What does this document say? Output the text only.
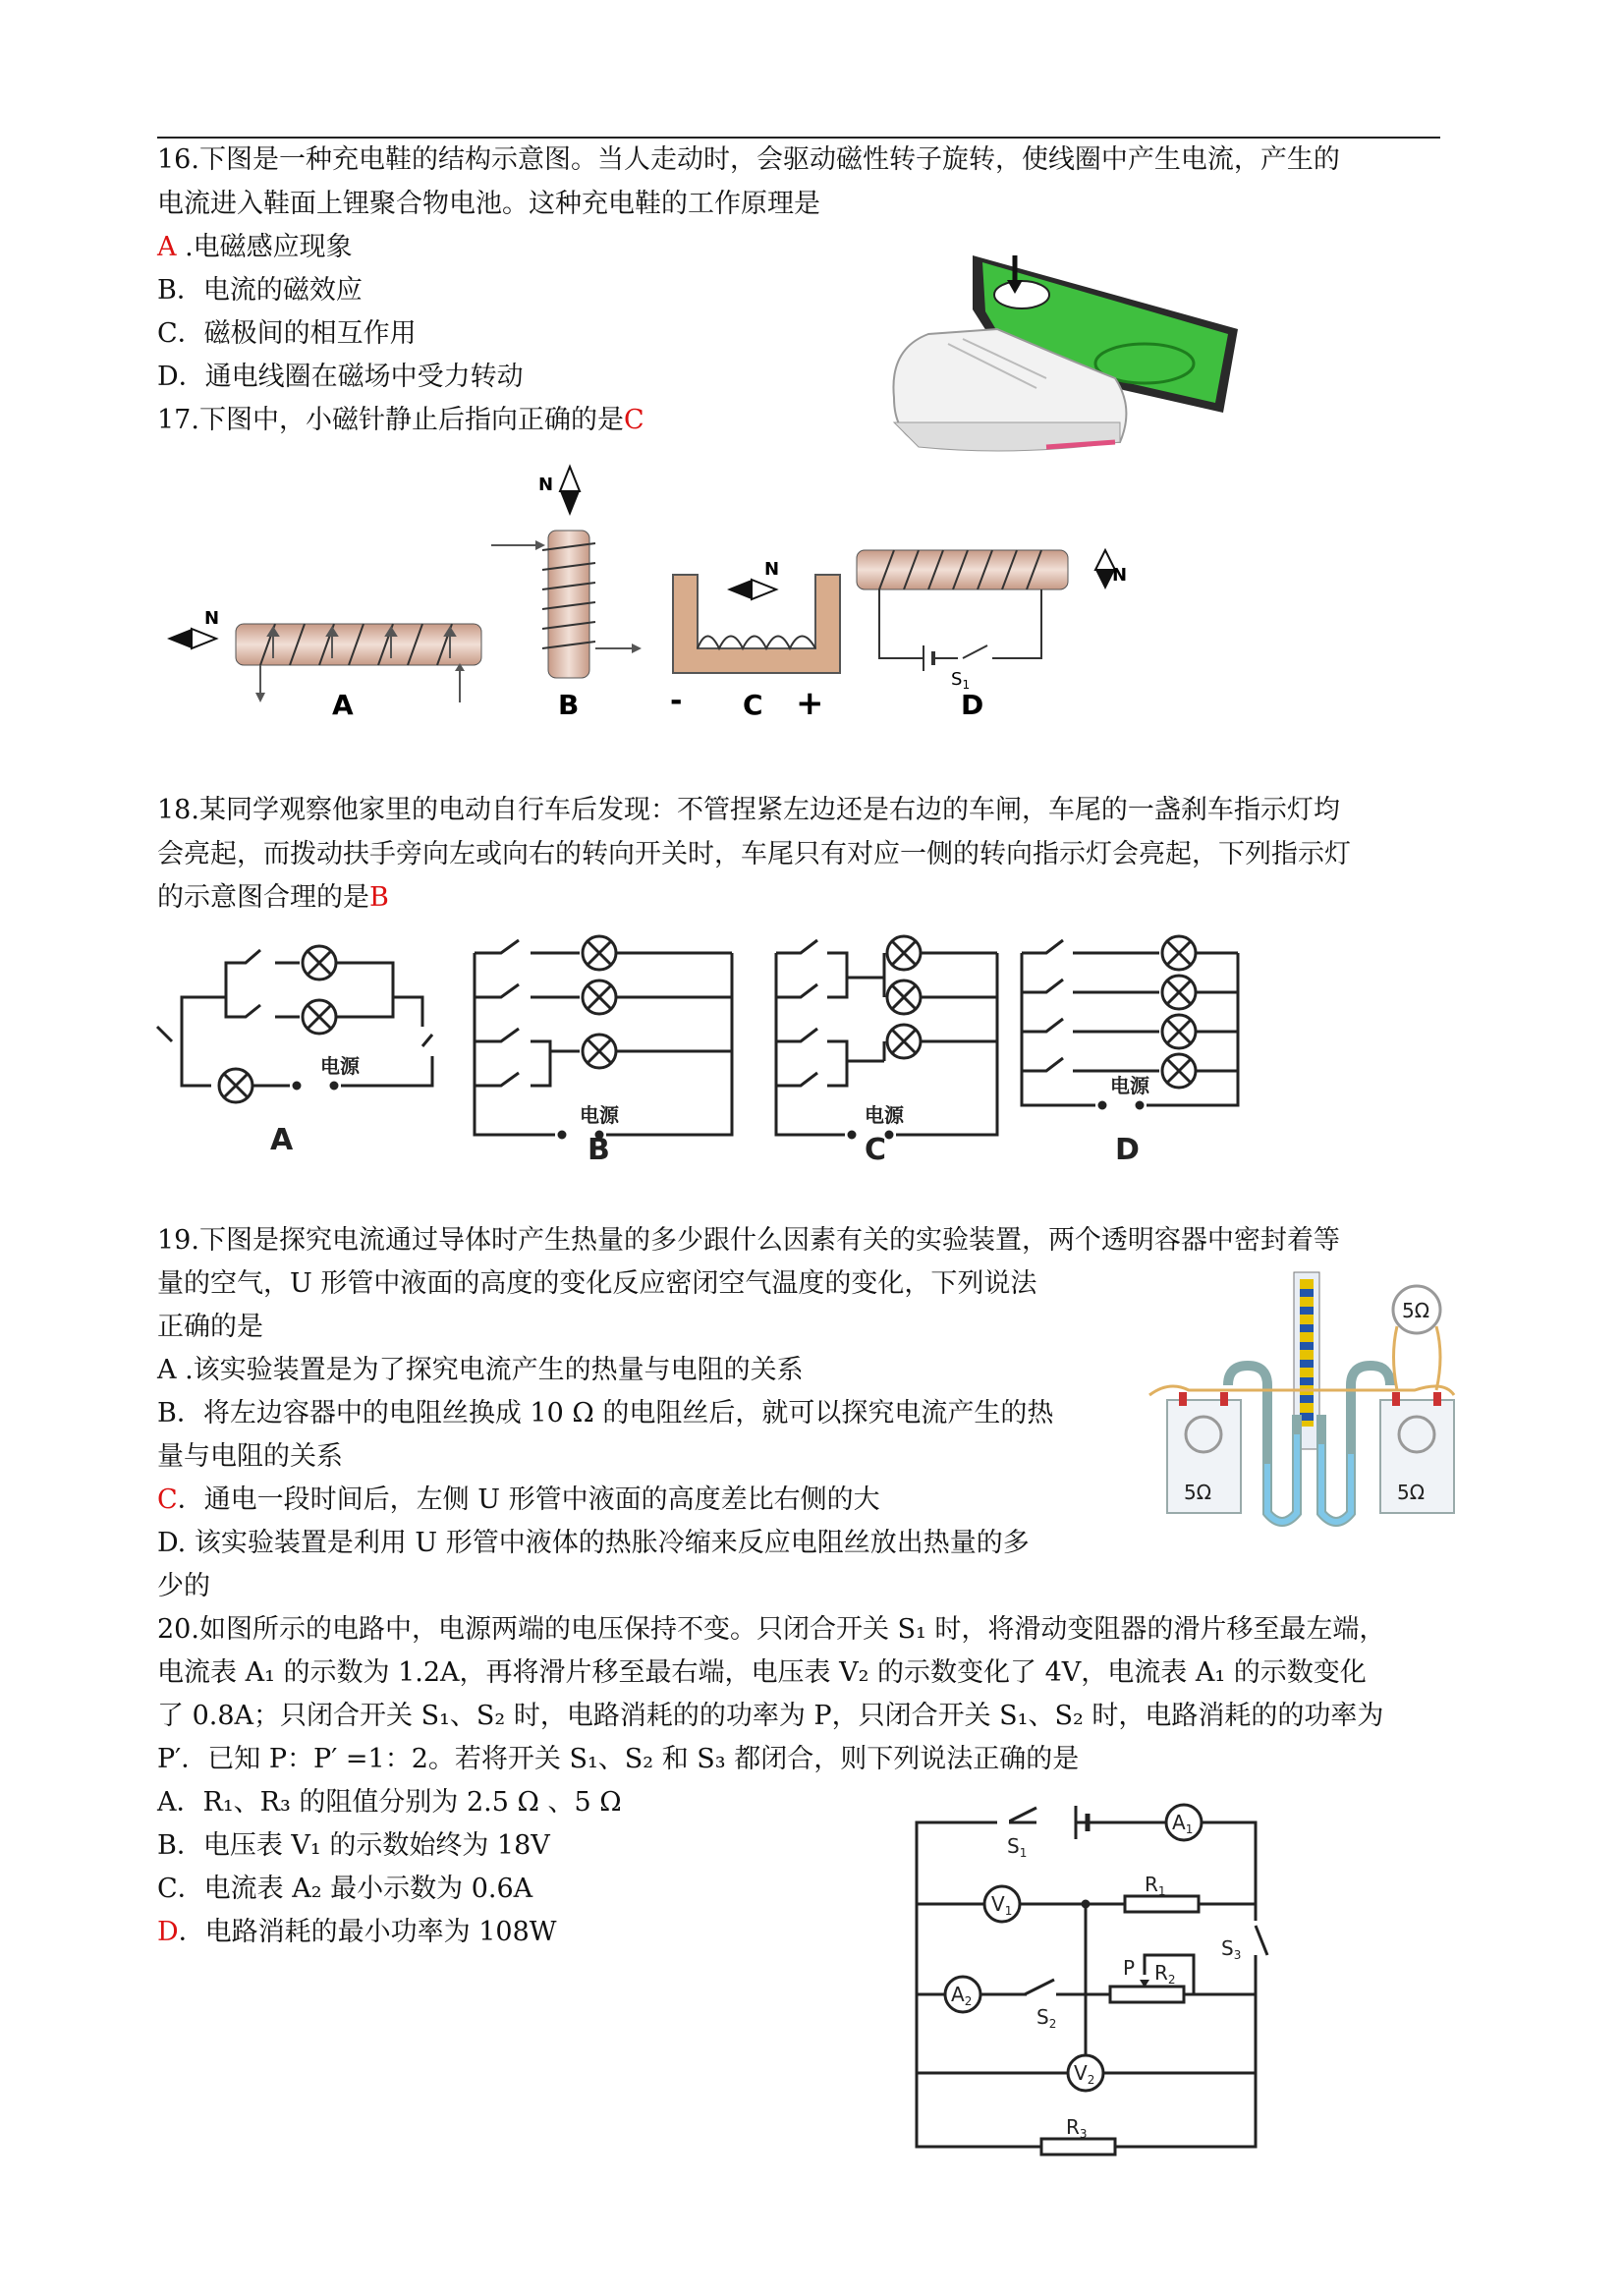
16.下图是一种充电鞋的结构示意图。当人走动时，会驱动磁性转子旋转，使线圈中产生电流，产生的
电流进入鞋面上锂聚合物电池。这种充电鞋的工作原理是
A .电磁感应现象
B．电流的磁效应
C．磁极间的相互作用
D．通电线圈在磁场中受力转动
17.下图中，小磁针静止后指向正确的是C
N
A
N
B
N
- C +
$S_1$
N
D
18.某同学观察他家里的电动自行车后发现：不管捏紧左边还是右边的车闸，车尾的一盏刹车指示灯均
会亮起，而拨动扶手旁向左或向右的转向开关时，车尾只有对应一侧的转向指示灯会亮起，下列指示灯
的示意图合理的是B
电源
A
电源
B
电源
C
电源
D
19.下图是探究电流通过导体时产生热量的多少跟什么因素有关的实验装置，两个透明容器中密封着等
量的空气，U 形管中液面的高度的变化反应密闭空气温度的变化，下列说法
正确的是
A .该实验装置是为了探究电流产生的热量与电阻的关系
B．将左边容器中的电阻丝换成 10 Ω 的电阻丝后，就可以探究电流产生的热
量与电阻的关系
C．通电一段时间后，左侧 U 形管中液面的高度差比右侧的大
D. 该实验装置是利用 U 形管中液体的热胀冷缩来反应电阻丝放出热量的多
少的
5Ω
5Ω	5Ω
20.如图所示的电路中，电源两端的电压保持不变。只闭合开关 S₁ 时，将滑动变阻器的滑片移至最左端，
电流表 A₁ 的示数为 1.2A，再将滑片移至最右端，电压表 V₂ 的示数变化了 4V，电流表 A₁ 的示数变化
了 0.8A；只闭合开关 S₁、S₂ 时，电路消耗的的功率为 P，只闭合开关 S₁、S₂ 时，电路消耗的的功率为
P′．已知 P：P′ =1：2。若将开关 S₁、S₂ 和 S₃ 都闭合，则下列说法正确的是
A．R₁、R₃ 的阻值分别为 2.5 Ω 、5 Ω
B．电压表 V₁ 的示数始终为 18V
C．电流表 A₂ 最小示数为 0.6A
D．电路消耗的最小功率为 108W
$A_1$
$S_1$
$V_1$
$R_1$
$A_2$
$S_2$
P $R_2$
$S_3$
$V_2$
$R_3$
